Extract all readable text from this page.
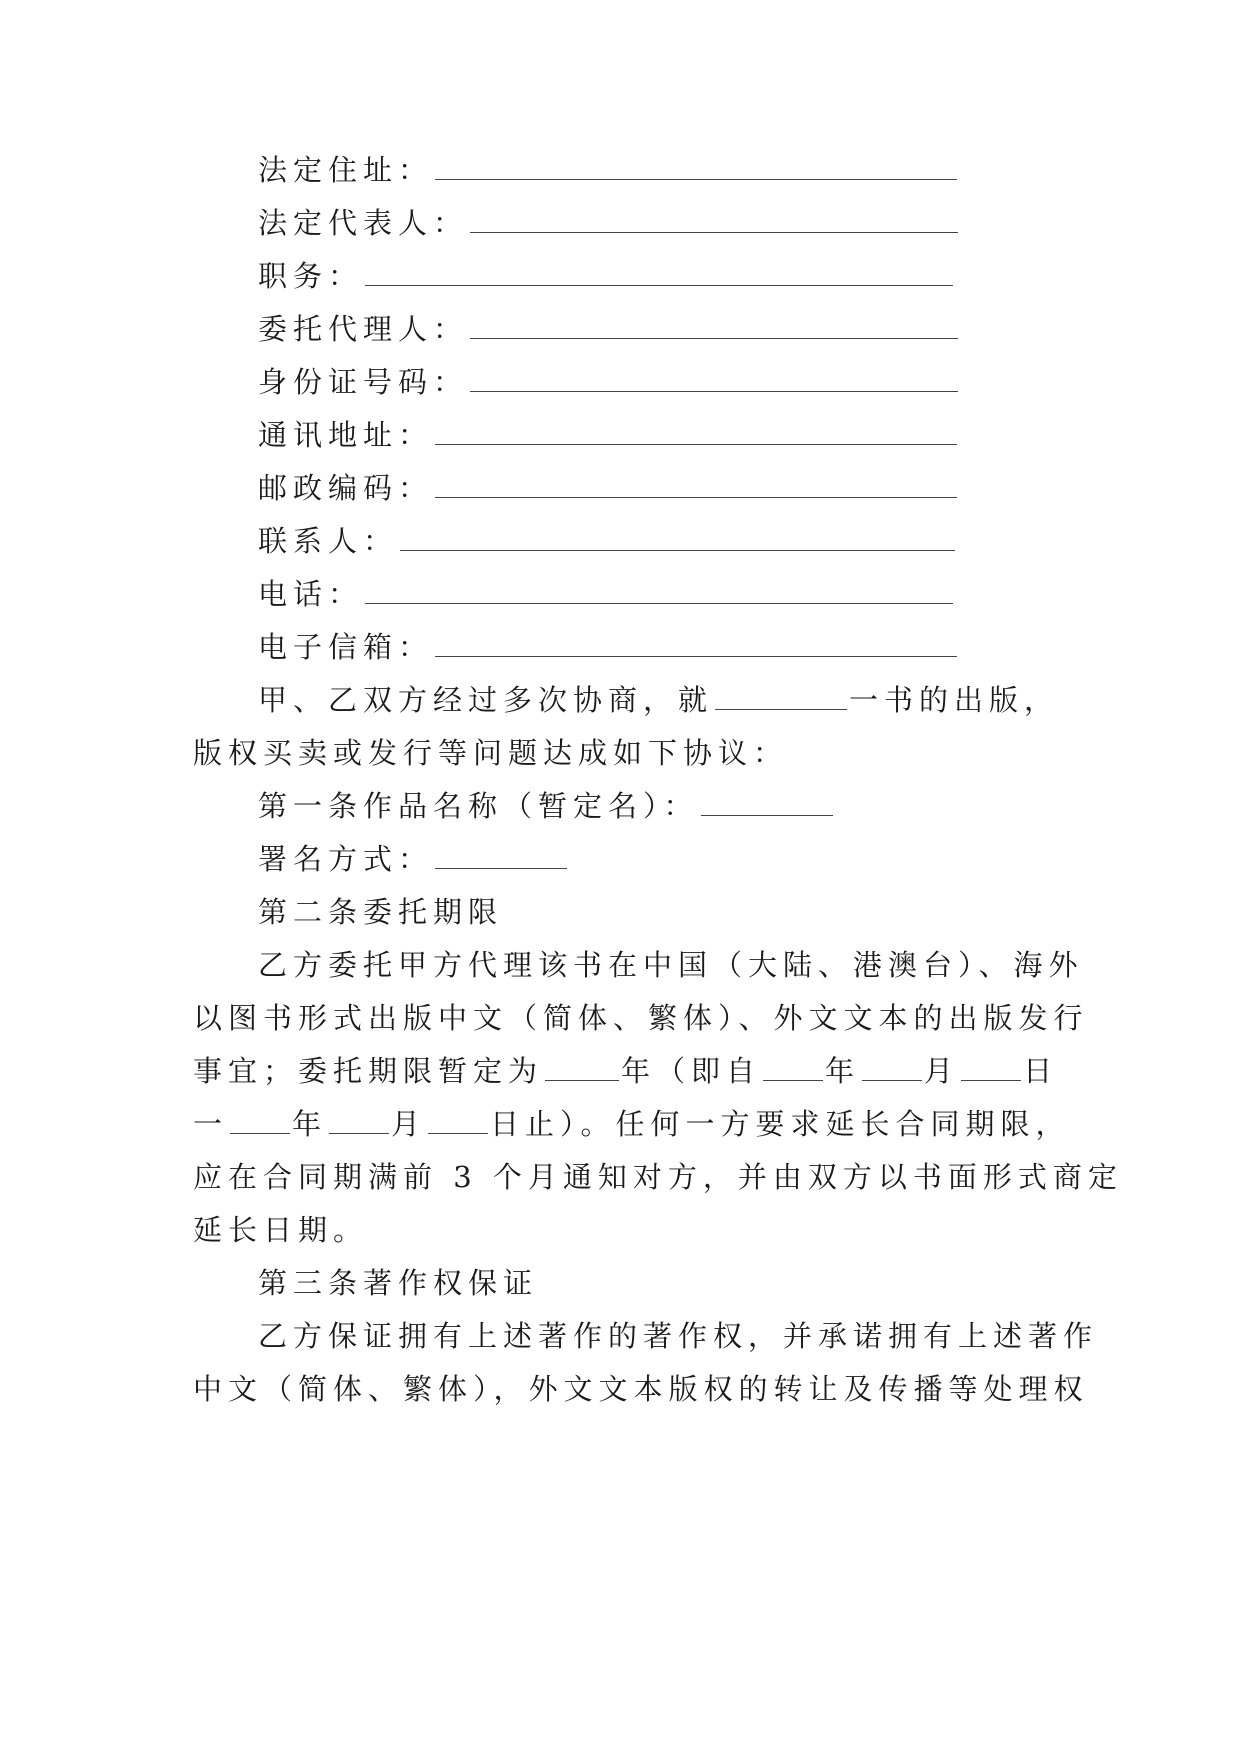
法定住址：
法定代表人：
职务：
委托代理人：
身份证号码：
通讯地址：
邮政编码：
联系人：
电话：
电子信箱：
甲、乙双方经过多次协商，就	一书的出版，
版权买卖或发行等问题达成如下协议：
第一条作品名称（暂定名）：
署名方式：
第二条委托期限
乙方委托甲方代理该书在中国（大陆、港澳台）、海外
以图书形式出版中文（简体、繁体）、外文文本的出版发行
事宜；委托期限暂定为	年（即自 年 月 日
一 年 月 日止）。任何一方要求延长合同期限，
应在合同期满前 3 个月通知对方，并由双方以书面形式商定
延长日期。
第三条著作权保证
乙方保证拥有上述著作的著作权，并承诺拥有上述著作
中文（简体、繁体），外文文本版权的转让及传播等处理权
